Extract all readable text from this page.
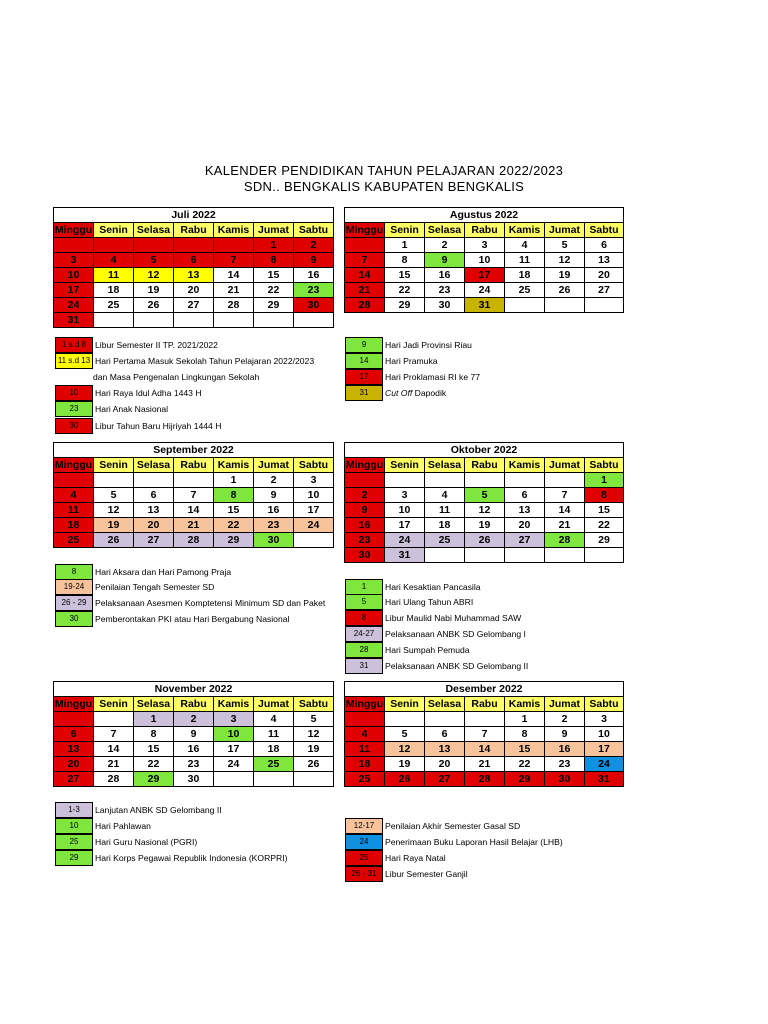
KALENDER PENDIDIKAN TAHUN PELAJARAN 2022/2023
SDN.. BENGKALIS KABUPATEN BENGKALIS
Juli 2022						
Minggu	Senin	Selasa	Rabu	Kamis	Jumat	Sabtu
					1	2
3	4	5	6	7	8	9
10	11	12	13	14	15	16
17	18	19	20	21	22	23
24	25	26	27	28	29	30
31						
Agustus 2022						
Minggu	Senin	Selasa	Rabu	Kamis	Jumat	Sabtu
	1	2	3	4	5	6
7	8	9	10	11	12	13
14	15	16	17	18	19	20
21	22	23	24	25	26	27
28	29	30	31			
September 2022						
Minggu	Senin	Selasa	Rabu	Kamis	Jumat	Sabtu
				1	2	3
4	5	6	7	8	9	10
11	12	13	14	15	16	17
18	19	20	21	22	23	24
25	26	27	28	29	30	
Oktober 2022						
Minggu	Senin	Selasa	Rabu	Kamis	Jumat	Sabtu
						1
2	3	4	5	6	7	8
9	10	11	12	13	14	15
16	17	18	19	20	21	22
23	24	25	26	27	28	29
30	31					
November 2022						
Minggu	Senin	Selasa	Rabu	Kamis	Jumat	Sabtu
		1	2	3	4	5
6	7	8	9	10	11	12
13	14	15	16	17	18	19
20	21	22	23	24	25	26
27	28	29	30			
Desember 2022						
Minggu	Senin	Selasa	Rabu	Kamis	Jumat	Sabtu
				1	2	3
4	5	6	7	8	9	10
11	12	13	14	15	16	17
18	19	20	21	22	23	24
25	26	27	28	29	30	31
1 s.d 8	Libur Semester II TP. 2021/2022
11 s.d 13 Hari Pertama Masuk Sekolah Tahun Pelajaran 2022/2023
dan Masa Pengenalan Lingkungan Sekolah
10	Hari Raya Idul Adha 1443 H
23	Hari Anak Nasional
30	Libur Tahun Baru Hijriyah 1444 H
9	Hari Jadi Provinsi Riau
14	Hari Pramuka
17	Hari Proklamasi RI ke 77
31	Cut Off Dapodik
8	Hari Aksara dan Hari Pamong Praja
19-24	Penilaian Tengah Semester SD
26 - 29 Pelaksanaan Asesmen Komptetensi Minimum SD dan Paket
30	Pemberontakan PKI atau Hari Bergabung Nasional
1	Hari Kesaktian Pancasila
5	Hari Ulang Tahun ABRI
8	Libur Maulid Nabi Muhammad SAW
24-27	Pelaksanaan ANBK SD Gelombang I
28	Hari Sumpah Pemuda
31	Pelaksanaan ANBK SD Gelombang II
1-3	Lanjutan ANBK SD Gelombang II
10	Hari Pahlawan
25	Hari Guru Nasional (PGRI)
29	Hari Korps Pegawai Republik Indonesia (KORPRI)
12-17	Penilaian Akhir Semester Gasal SD
24	Penerimaan Buku Laporan Hasil Belajar (LHB)
25	Hari Raya Natal
26 - 31 Libur Semester Ganjil
